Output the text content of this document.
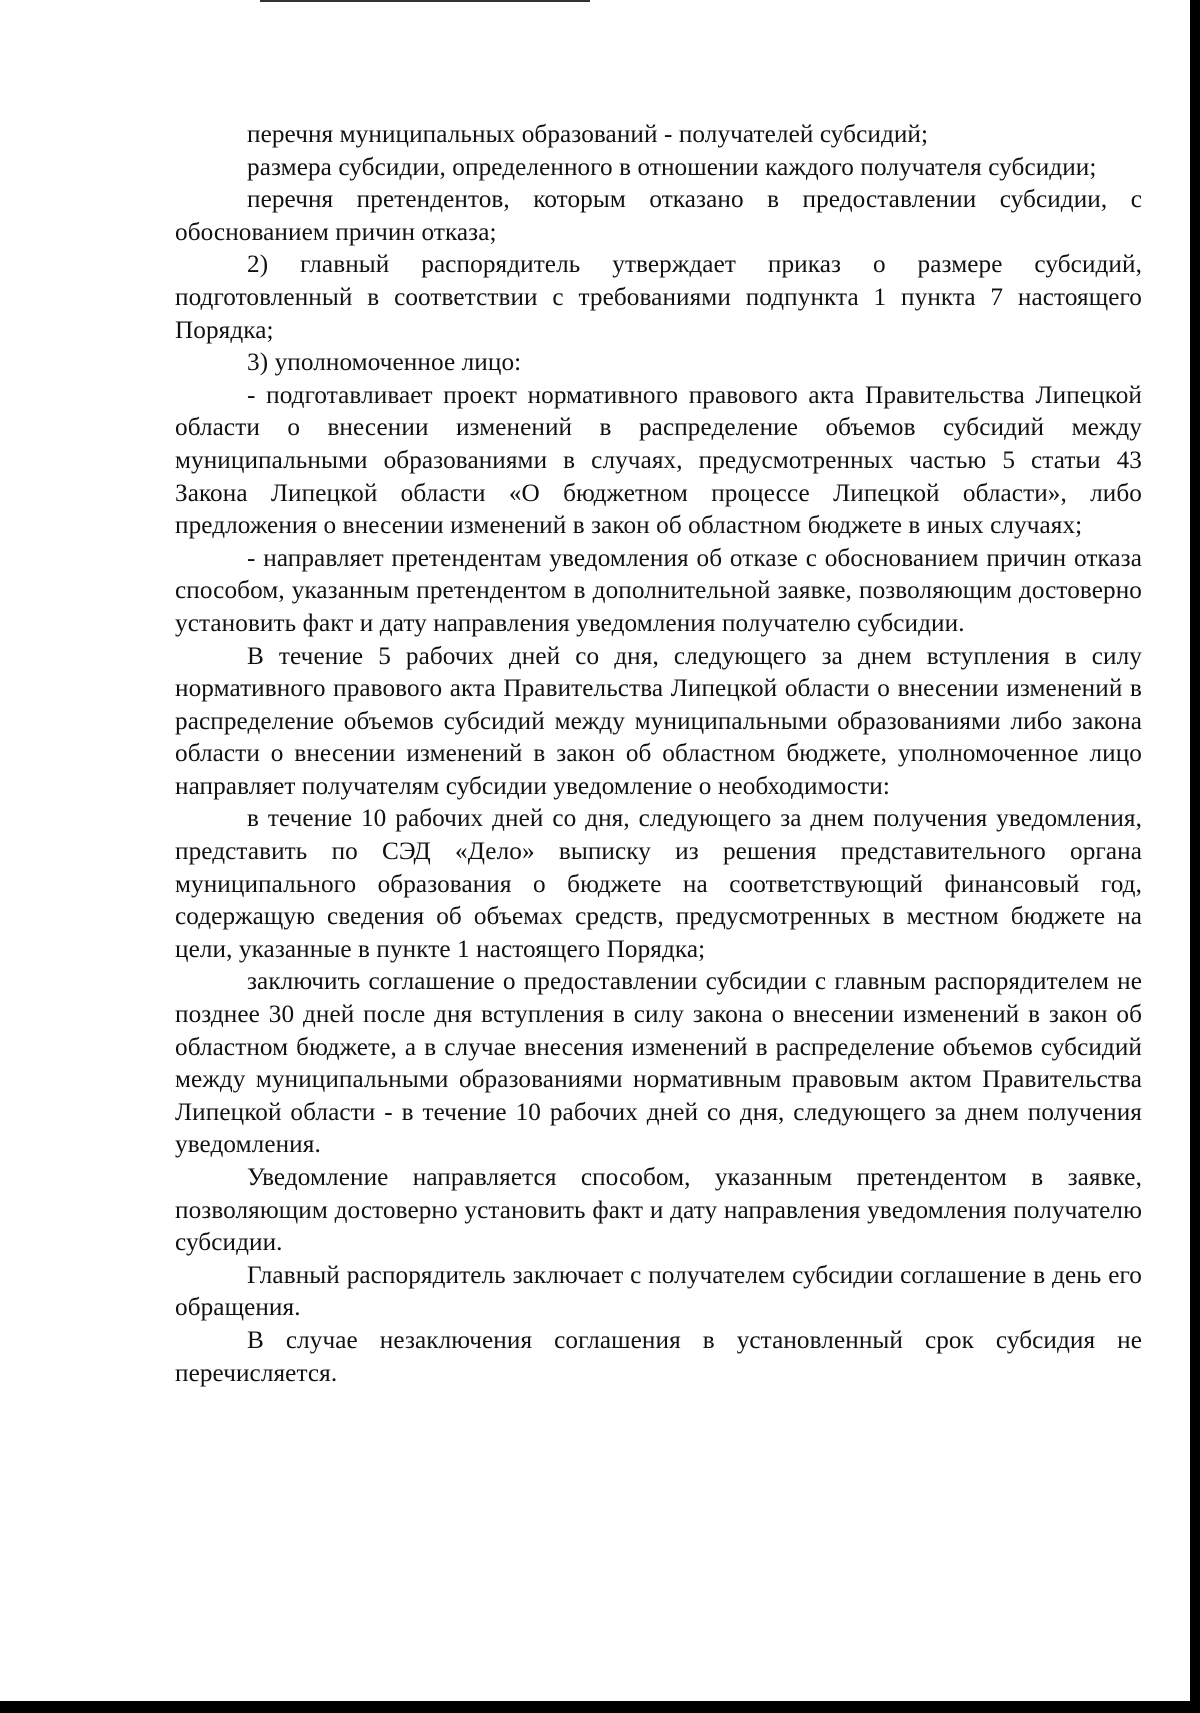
перечня муниципальных образований - получателей субсидий;

размера субсидии, определенного в отношении каждого получателя субсидии;

перечня претендентов, которым отказано в предоставлении субсидии, с обоснованием причин отказа;

2) главный распорядитель утверждает приказ о размере субсидий, подготовленный в соответствии с требованиями подпункта 1 пункта 7 настоящего Порядка;

3) уполномоченное лицо:

- подготавливает проект нормативного правового акта Правительства Липецкой области о внесении изменений в распределение объемов субсидий между муниципальными образованиями в случаях, предусмотренных частью 5 статьи 43 Закона Липецкой области «О бюджетном процессе Липецкой области», либо предложения о внесении изменений в закон об областном бюджете в иных случаях;

- направляет претендентам уведомления об отказе с обоснованием причин отказа способом, указанным претендентом в дополнительной заявке, позволяющим достоверно установить факт и дату направления уведомления получателю субсидии.

В течение 5 рабочих дней со дня, следующего за днем вступления в силу нормативного правового акта Правительства Липецкой области о внесении изменений в распределение объемов субсидий между муниципальными образованиями либо закона области о внесении изменений в закон об областном бюджете, уполномоченное лицо направляет получателям субсидии уведомление о необходимости:

в течение 10 рабочих дней со дня, следующего за днем получения уведомления, представить по СЭД «Дело» выписку из решения представительного органа муниципального образования о бюджете на соответствующий финансовый год, содержащую сведения об объемах средств, предусмотренных в местном бюджете на цели, указанные в пункте 1 настоящего Порядка;

заключить соглашение о предоставлении субсидии с главным распорядителем не позднее 30 дней после дня вступления в силу закона о внесении изменений в закон об областном бюджете, а в случае внесения изменений в распределение объемов субсидий между муниципальными образованиями нормативным правовым актом Правительства Липецкой области - в течение 10 рабочих дней со дня, следующего за днем получения уведомления.

Уведомление направляется способом, указанным претендентом в заявке, позволяющим достоверно установить факт и дату направления уведомления получателю субсидии.

Главный распорядитель заключает с получателем субсидии соглашение в день его обращения.

В случае незаключения соглашения в установленный срок субсидия не перечисляется.
